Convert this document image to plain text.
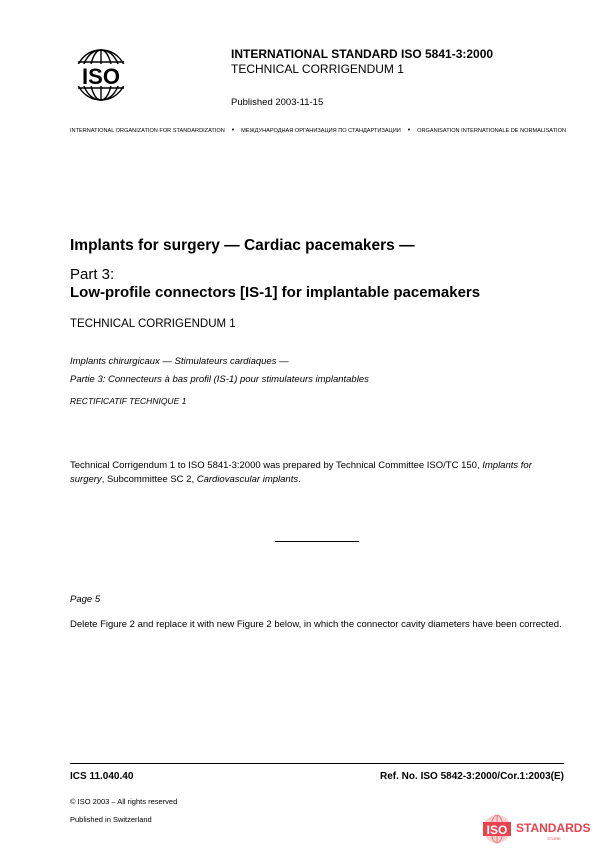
ISO
INTERNATIONAL STANDARD ISO 5841-3:2000
TECHNICAL CORRIGENDUM 1
Published 2003-11-15
INTERNATIONAL ORGANIZATION FOR STANDARDIZATION • МЕЖДУНАРОДНАЯ ОРГАНИЗАЦИЯ ПО СТАНДАРТИЗАЦИИ • ORGANISATION INTERNATIONALE DE NORMALISATION
Implants for surgery — Cardiac pacemakers —
Part 3:
Low-profile connectors [IS-1] for implantable pacemakers
TECHNICAL CORRIGENDUM 1
Implants chirurgicaux — Stimulateurs cardiaques —
Partie 3: Connecteurs à bas profil (IS-1) pour stimulateurs implantables
RECTIFICATIF TECHNIQUE 1
Technical Corrigendum 1 to ISO 5841-3:2000 was prepared by Technical Committee ISO/TC 150, Implants for surgery, Subcommittee SC 2, Cardiovascular implants.
Page 5
Delete Figure 2 and replace it with new Figure 2 below, in which the connector cavity diameters have been corrected.
ICS 11.040.40	Ref. No. ISO 5842-3:2000/Cor.1:2003(E)
© ISO 2003 – All rights reserved
Published in Switzerland
ISO STANDARDS
STORE
